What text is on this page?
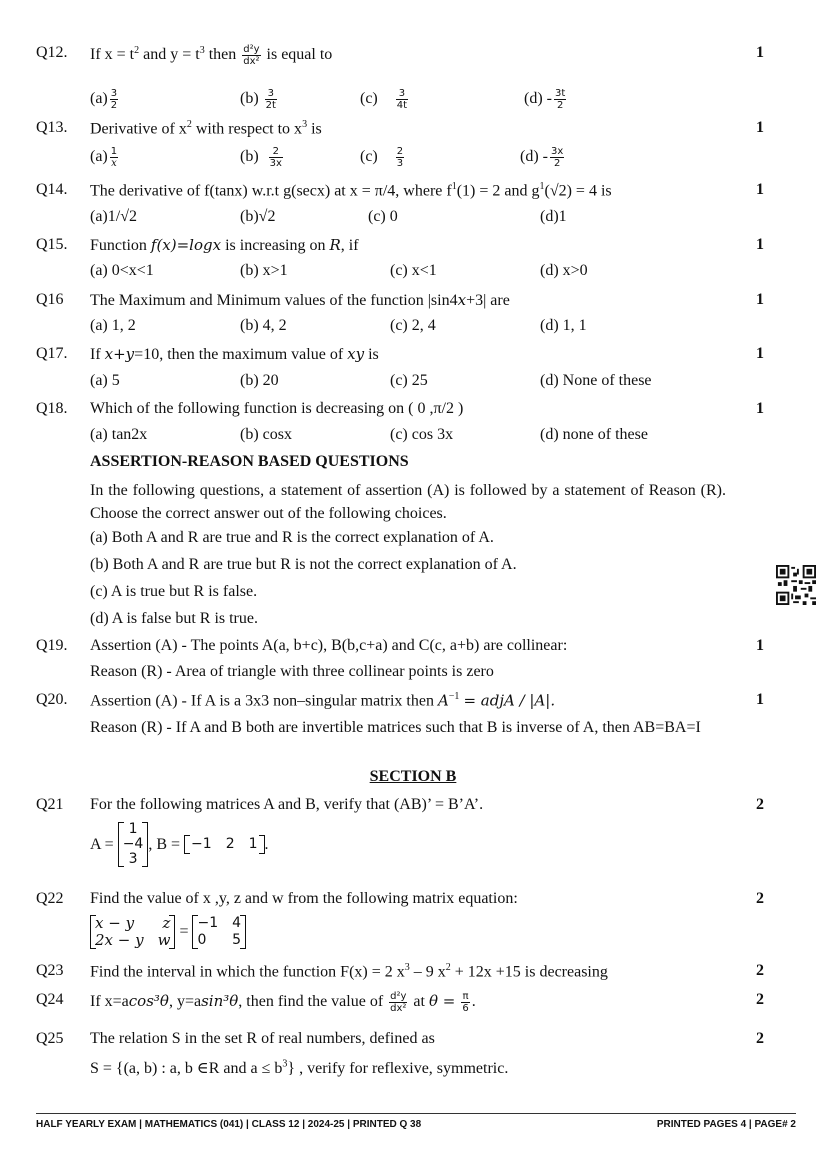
Q12. If $x = t^2$ and $y = t^3$ then $\frac{\text{d²y}}{\text{dx²}}$ is equal to	1
$(a) \frac{3}{2}$	$(b) \frac{3}{2t}$	$(c) \frac{3}{4t}$	$(d) - \frac{3t}{2}$
Q13. Derivative of $x^2$ with respect to $x^3$ is	1
$(a) \frac{1}{x}$	$(b) \frac{2}{3x}$	$(c) \frac{2}{3}$	$(d) - \frac{3x}{2}$
Q14. The derivative of f(tanx) w.r.t g(secx) at x = π/4, where $f^1(1) = 2$ and $g^1(√2) = 4$ is	1
(a)1/√2	(b)√2	(c) 0	(d)1
Q15. Function f(x)=logx is increasing on R, if	1
(a) 0<x<1	(b) x>1	(c) x<1	(d) x>0
Q16 The Maximum and Minimum values of the function |sin4x+3| are	1
(a) 1, 2	(b) 4, 2	(c) 2, 4	(d) 1, 1
Q17. If x+y=10, then the maximum value of xy is	1
(a) 5	(b) 20	(c) 25	(d) None of these
Q18. Which of the following function is decreasing on ( 0 ,π/2 )	1
(a) tan2x	(b) cosx	(c) cos 3x	(d) none of these
ASSERTION-REASON BASED QUESTIONS
In the following questions, a statement of assertion (A) is followed by a statement of Reason (R). Choose the correct answer out of the following choices.
(a) Both A and R are true and R is the correct explanation of A.
(b) Both A and R are true but R is not the correct explanation of A.
(c) A is true but R is false.
(d) A is false but R is true.
Q19. Assertion (A) - The points A(a, b+c), B(b,c+a) and C(c, a+b) are collinear:	1
Reason (R) - Area of triangle with three collinear points is zero
Q20. Assertion (A) - If A is a 3x3 non–singular matrix then $A^{-1}$ = adjA / |A|.	1
Reason (R) - If A and B both are invertible matrices such that B is inverse of A, then AB=BA=I
SECTION B
Q21 For the following matrices A and B, verify that (AB)’ = B’A’.	2
A =

1
−4
3
, B =
−1 2 1 .
Q22 Find the value of x ,y, z and w from the following matrix equation:	2
x − y z
2x − y w
=
−1 4
0 5
Q23 Find the interval in which the function F(x) = 2 $x^3 - 9$ $x^2 + 12x +15$ is decreasing	2
Q24 If x=acos³θ, y=asin³θ, then find the value of $\frac{\text{d²y}}{\text{dx²}}$ at $\theta = \frac{\pi}{6}$ .	2
Q25 The relation S in the set R of real numbers, defined as	2
S = {(a, b) : a, b ∈R and $a \le b^3$} , verify for reflexive, symmetric.
HALF YEARLY EXAM | MATHEMATICS (041) | CLASS 12 | 2024-25 | PRINTED Q 38	PRINTED PAGES 4 | PAGE# 2
